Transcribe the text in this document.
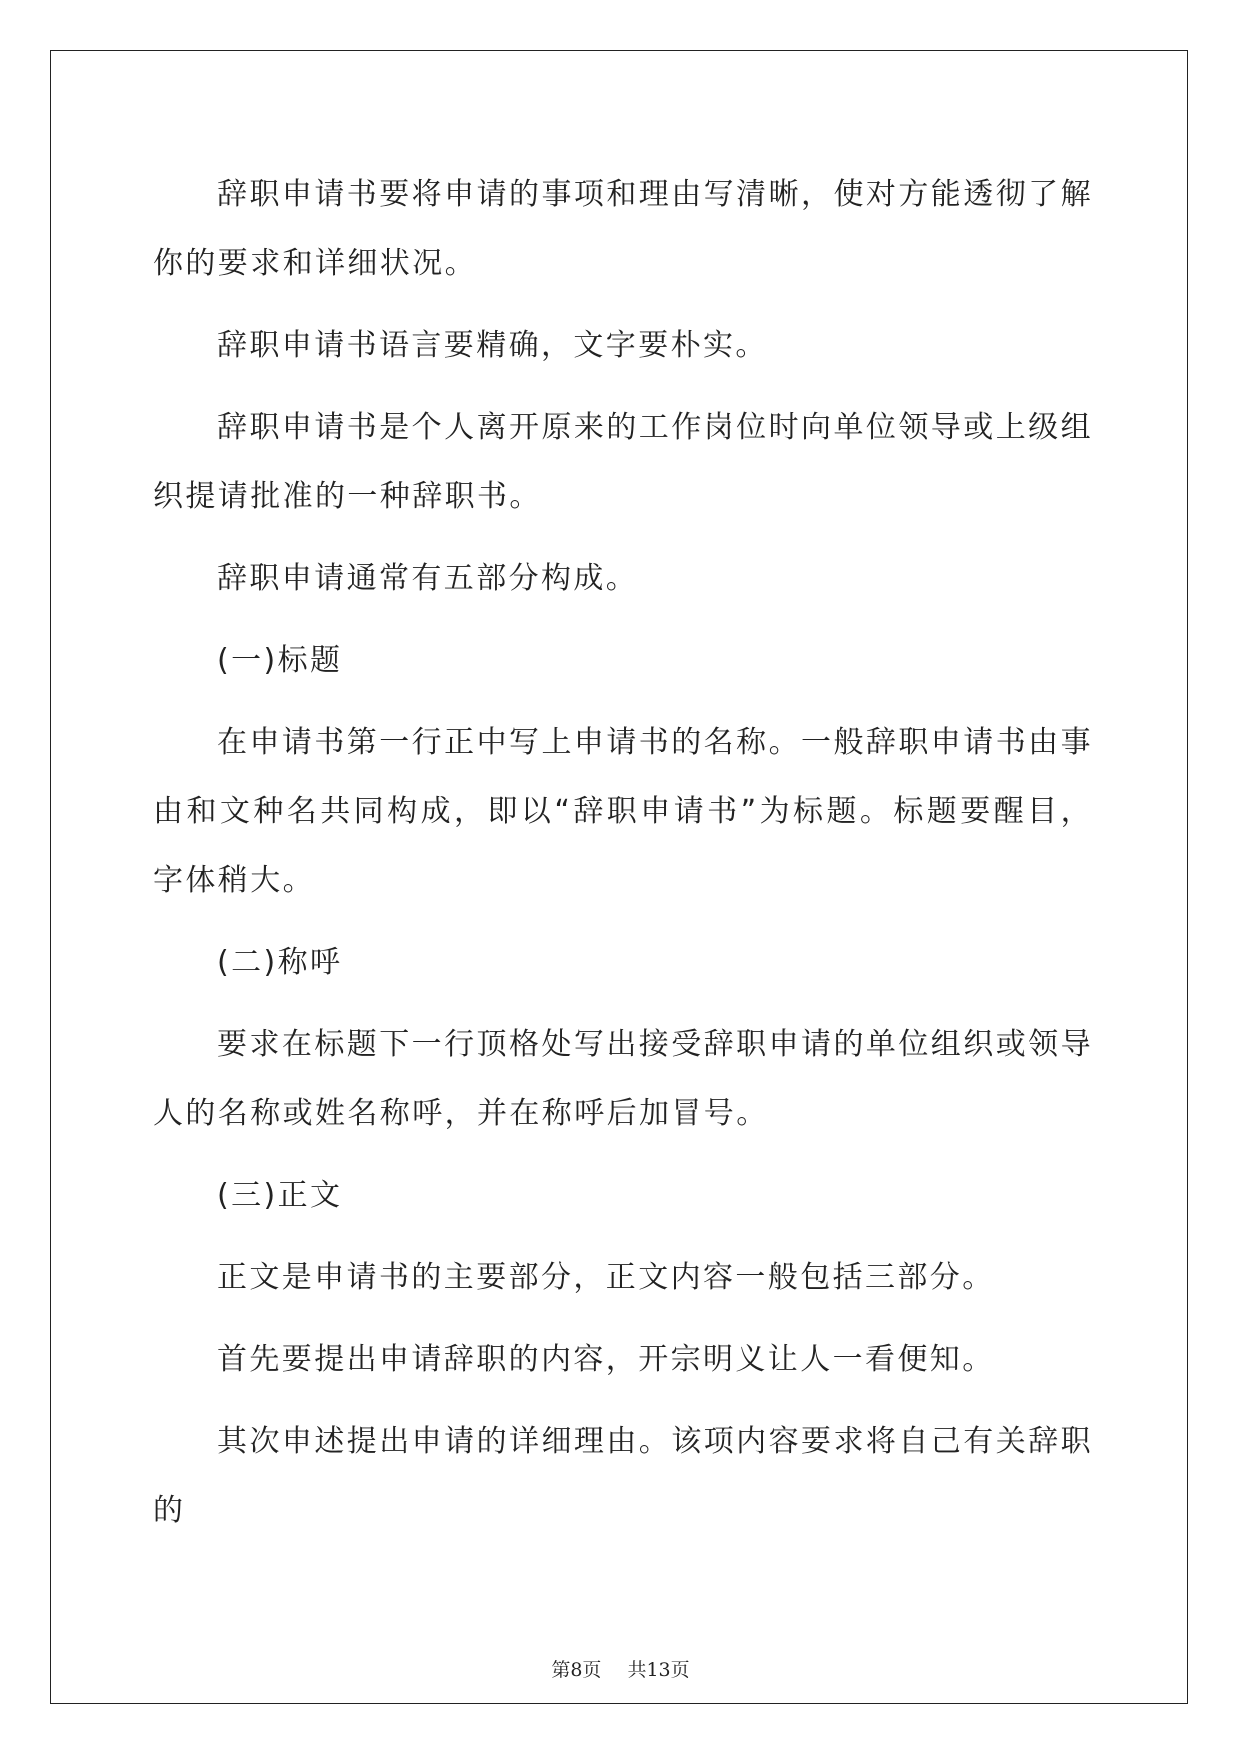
辞职申请书要将申请的事项和理由写清晰，使对方能透彻了解你的要求和详细状况。

辞职申请书语言要精确，文字要朴实。

辞职申请书是个人离开原来的工作岗位时向单位领导或上级组织提请批准的一种辞职书。

辞职申请通常有五部分构成。

(一)标题

在申请书第一行正中写上申请书的名称。一般辞职申请书由事由和文种名共同构成，即以“辞职申请书”为标题。标题要醒目，字体稍大。

(二)称呼

要求在标题下一行顶格处写出接受辞职申请的单位组织或领导人的名称或姓名称呼，并在称呼后加冒号。

(三)正文

正文是申请书的主要部分，正文内容一般包括三部分。

首先要提出申请辞职的内容，开宗明义让人一看便知。

其次申述提出申请的详细理由。该项内容要求将自己有关辞职的

第8页 共13页
